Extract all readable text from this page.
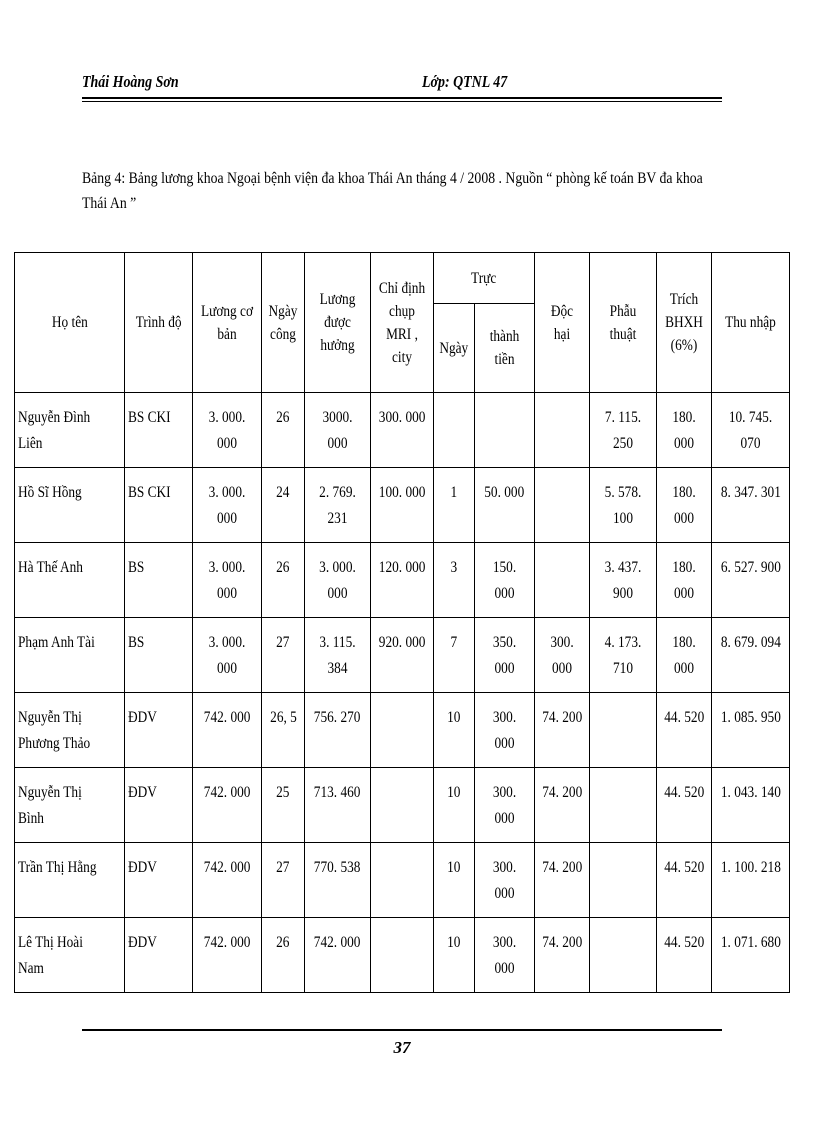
Thái Hoàng Sơn	Lớp: QTNL 47
Bảng 4: Bảng lương khoa Ngoại bệnh viện đa khoa Thái An tháng 4 / 2008 . Nguồn “ phòng kế toán BV đa khoa Thái An ”
Họ tên	Trình độ	Lương cơ bản	Ngày công	Lương được hưởng	Chỉ định chụp MRI , city	Trực		Độc hại	Phẫu thuật	Trích BHXH (6%)	Thu nhập
						Ngày	thành tiền				
Nguyễn Đình Liên	BS CKI	3. 000. 000	26	3000. 000	300. 000				7. 115. 250	180. 000	10. 745. 070
Hồ Sĩ Hồng	BS CKI	3. 000. 000	24	2. 769. 231	100. 000	1	50. 000		5. 578. 100	180. 000	8. 347. 301
Hà Thế Anh	BS	3. 000. 000	26	3. 000. 000	120. 000	3	150. 000		3. 437. 900	180. 000	6. 527. 900
Phạm Anh Tài	BS	3. 000. 000	27	3. 115. 384	920. 000	7	350. 000	300. 000	4. 173. 710	180. 000	8. 679. 094
Nguyễn Thị Phương Thảo	ĐDV	742. 000	26, 5	756. 270		10	300. 000	74. 200		44. 520	1. 085. 950
Nguyễn Thị Bình	ĐDV	742. 000	25	713. 460		10	300. 000	74. 200		44. 520	1. 043. 140
Trần Thị Hằng	ĐDV	742. 000	27	770. 538		10	300. 000	74. 200		44. 520	1. 100. 218
Lê Thị Hoài Nam	ĐDV	742. 000	26	742. 000		10	300. 000	74. 200		44. 520	1. 071. 680
37
